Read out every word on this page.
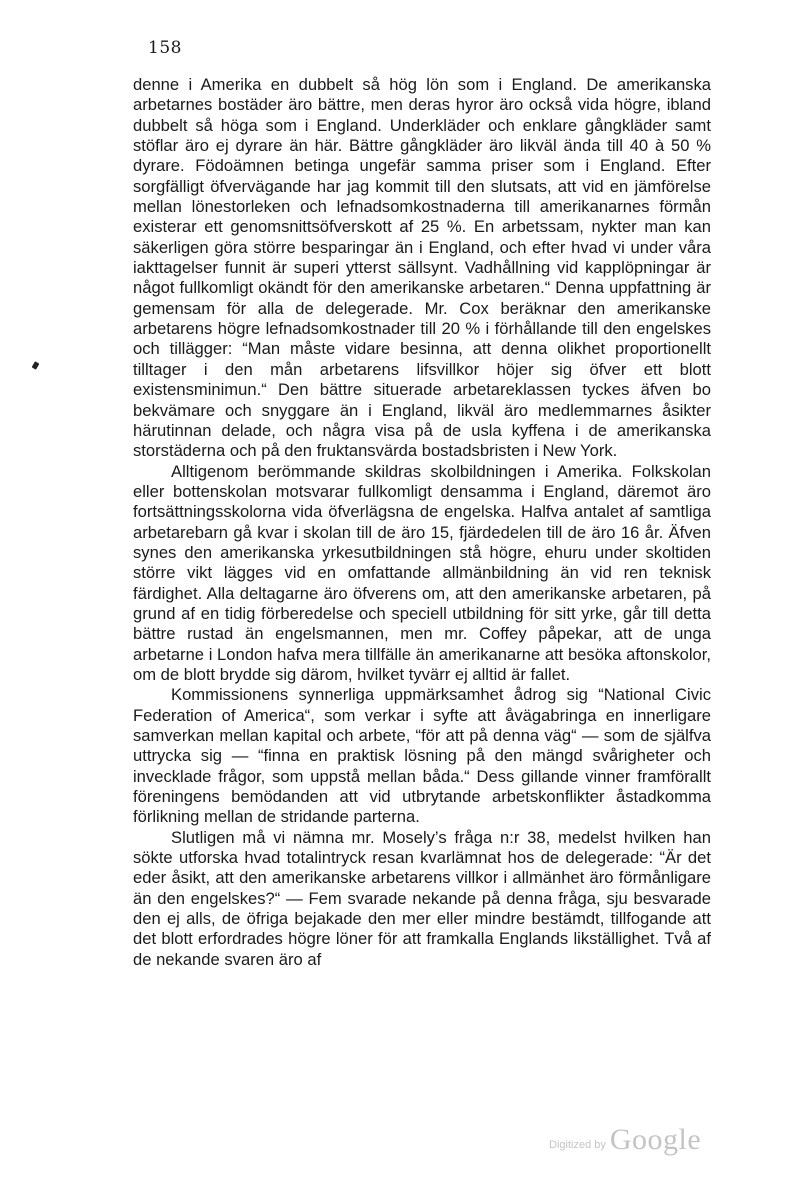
158

denne i Amerika en dubbelt så hög lön som i England. De amerikanska arbetarnes bostäder äro bättre, men deras hyror äro också vida högre, ibland dubbelt så höga som i England. Underkläder och enklare gångkläder samt stöflar äro ej dyrare än här. Bättre gångkläder äro likväl ända till 40 à 50 % dyrare. Födoämnen betinga ungefär samma priser som i England. Efter sorgfälligt öfvervägande har jag kommit till den slutsats, att vid en jämförelse mellan lönestorleken och lefnadsomkostnaderna till amerikanarnes förmån existerar ett genomsnittsöfverskott af 25 %. En arbetssam, nykter man kan säkerligen göra större besparingar än i England, och efter hvad vi under våra iakttagelser funnit är superi ytterst sällsynt. Vadhållning vid kapplöpningar är något fullkomligt okändt för den amerikanske arbetaren.“ Denna uppfattning är gemensam för alla de delegerade. Mr. Cox beräknar den amerikanske arbetarens högre lefnadsomkostnader till 20 % i förhållande till den engelskes och tillägger: “Man måste vidare besinna, att denna olikhet proportionellt tilltager i den mån arbetarens lifsvillkor höjer sig öfver ett blott existensminimun.“ Den bättre situerade arbetareklassen tyckes äfven bo bekvämare och snyggare än i England, likväl äro medlemmarnes åsikter härutinnan delade, och några visa på de usla kyffena i de amerikanska storstäderna och på den fruktansvärda bostadsbristen i New York.

Alltigenom berömmande skildras skolbildningen i Amerika. Folkskolan eller bottenskolan motsvarar fullkomligt densamma i England, däremot äro fortsättningsskolorna vida öfverlägsna de engelska. Halfva antalet af samtliga arbetarebarn gå kvar i skolan till de äro 15, fjärdedelen till de äro 16 år. Äfven synes den amerikanska yrkesutbildningen stå högre, ehuru under skoltiden större vikt lägges vid en omfattande allmänbildning än vid ren teknisk färdighet. Alla deltagarne äro öfverens om, att den amerikanske arbetaren, på grund af en tidig förberedelse och speciell utbildning för sitt yrke, går till detta bättre rustad än engelsmannen, men mr. Coffey påpekar, att de unga arbetarne i London hafva mera tillfälle än amerikanarne att besöka aftonskolor, om de blott brydde sig därom, hvilket tyvärr ej alltid är fallet.

Kommissionens synnerliga uppmärksamhet ådrog sig “National Civic Federation of America“, som verkar i syfte att åvägabringa en innerligare samverkan mellan kapital och arbete, “för att på denna väg“ — som de själfva uttrycka sig — “finna en praktisk lösning på den mängd svårigheter och invecklade frågor, som uppstå mellan båda.“ Dess gillande vinner framförallt föreningens bemödanden att vid utbrytande arbetskonflikter åstadkomma förlikning mellan de stridande parterna.

Slutligen må vi nämna mr. Mosely’s fråga n:r 38, medelst hvilken han sökte utforska hvad totalintryck resan kvarlämnat hos de delegerade: “Är det eder åsikt, att den amerikanske arbetarens villkor i allmänhet äro förmånligare än den engelskes?“ — Fem svarade nekande på denna fråga, sju besvarade den ej alls, de öfriga bejakade den mer eller mindre bestämdt, tillfogande att det blott erfordrades högre löner för att framkalla Englands likställighet. Två af de nekande svaren äro af

Digitized by Google
